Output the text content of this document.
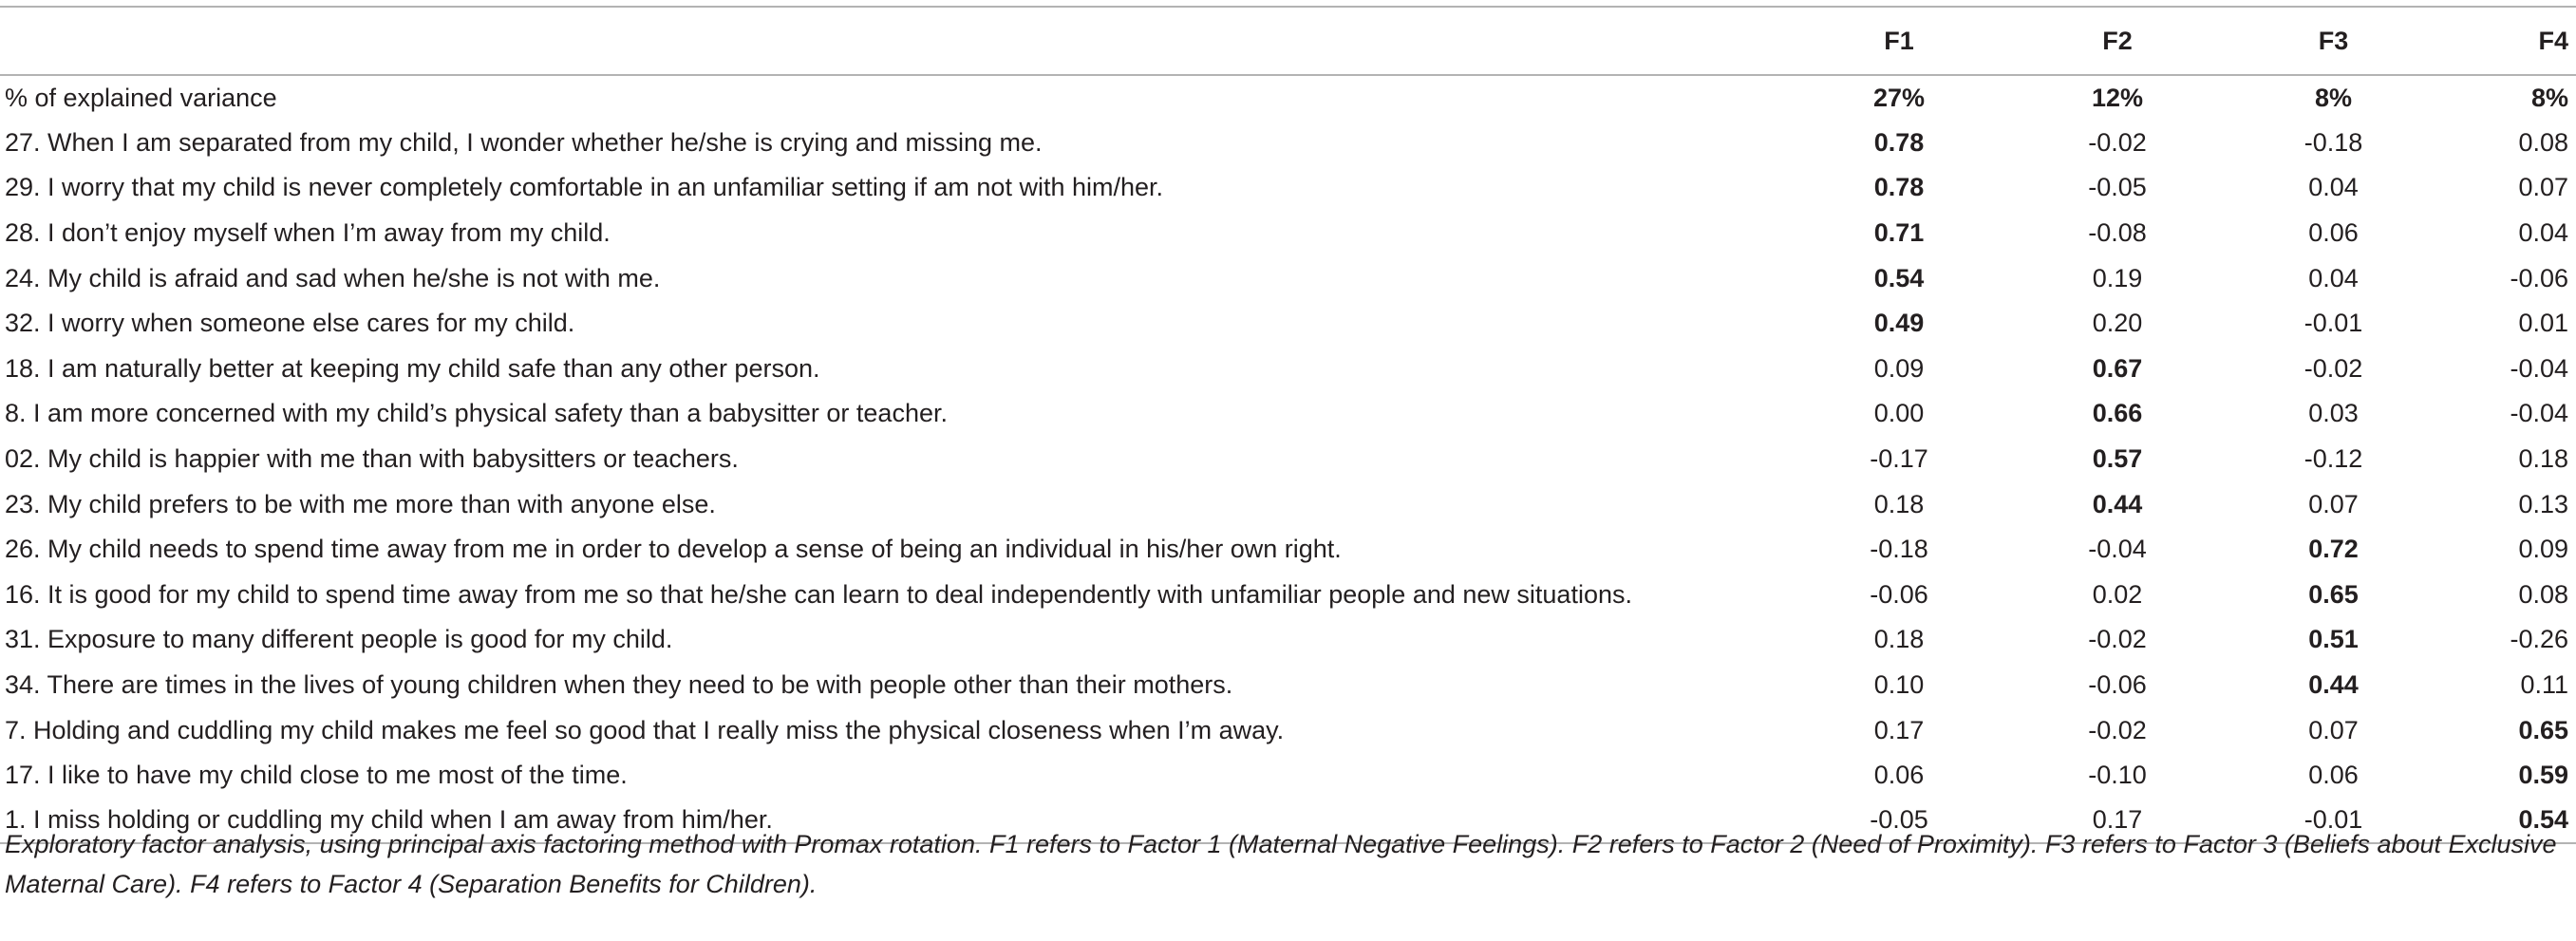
	F1	F2	F3	F4
% of explained variance	27%	12%	8%	8%
27. When I am separated from my child, I wonder whether he/she is crying and missing me.	0.78	-0.02	-0.18	0.08
29. I worry that my child is never completely comfortable in an unfamiliar setting if am not with him/her.	0.78	-0.05	0.04	0.07
28. I don’t enjoy myself when I’m away from my child.	0.71	-0.08	0.06	0.04
24. My child is afraid and sad when he/she is not with me.	0.54	0.19	0.04	-0.06
32. I worry when someone else cares for my child.	0.49	0.20	-0.01	0.01
18. I am naturally better at keeping my child safe than any other person.	0.09	0.67	-0.02	-0.04
8. I am more concerned with my child’s physical safety than a babysitter or teacher.	0.00	0.66	0.03	-0.04
02. My child is happier with me than with babysitters or teachers.	-0.17	0.57	-0.12	0.18
23. My child prefers to be with me more than with anyone else.	0.18	0.44	0.07	0.13
26. My child needs to spend time away from me in order to develop a sense of being an individual in his/her own right.	-0.18	-0.04	0.72	0.09
16. It is good for my child to spend time away from me so that he/she can learn to deal independently with unfamiliar people and new situations.	-0.06	0.02	0.65	0.08
31. Exposure to many different people is good for my child.	0.18	-0.02	0.51	-0.26
34. There are times in the lives of young children when they need to be with people other than their mothers.	0.10	-0.06	0.44	0.11
7. Holding and cuddling my child makes me feel so good that I really miss the physical closeness when I’m away.	0.17	-0.02	0.07	0.65
17. I like to have my child close to me most of the time.	0.06	-0.10	0.06	0.59
1. I miss holding or cuddling my child when I am away from him/her.	-0.05	0.17	-0.01	0.54
Exploratory factor analysis, using principal axis factoring method with Promax rotation. F1 refers to Factor 1 (Maternal Negative Feelings). F2 refers to Factor 2 (Need of Proximity). F3 refers to Factor 3 (Beliefs about Exclusive Maternal Care). F4 refers to Factor 4 (Separation Benefits for Children).
